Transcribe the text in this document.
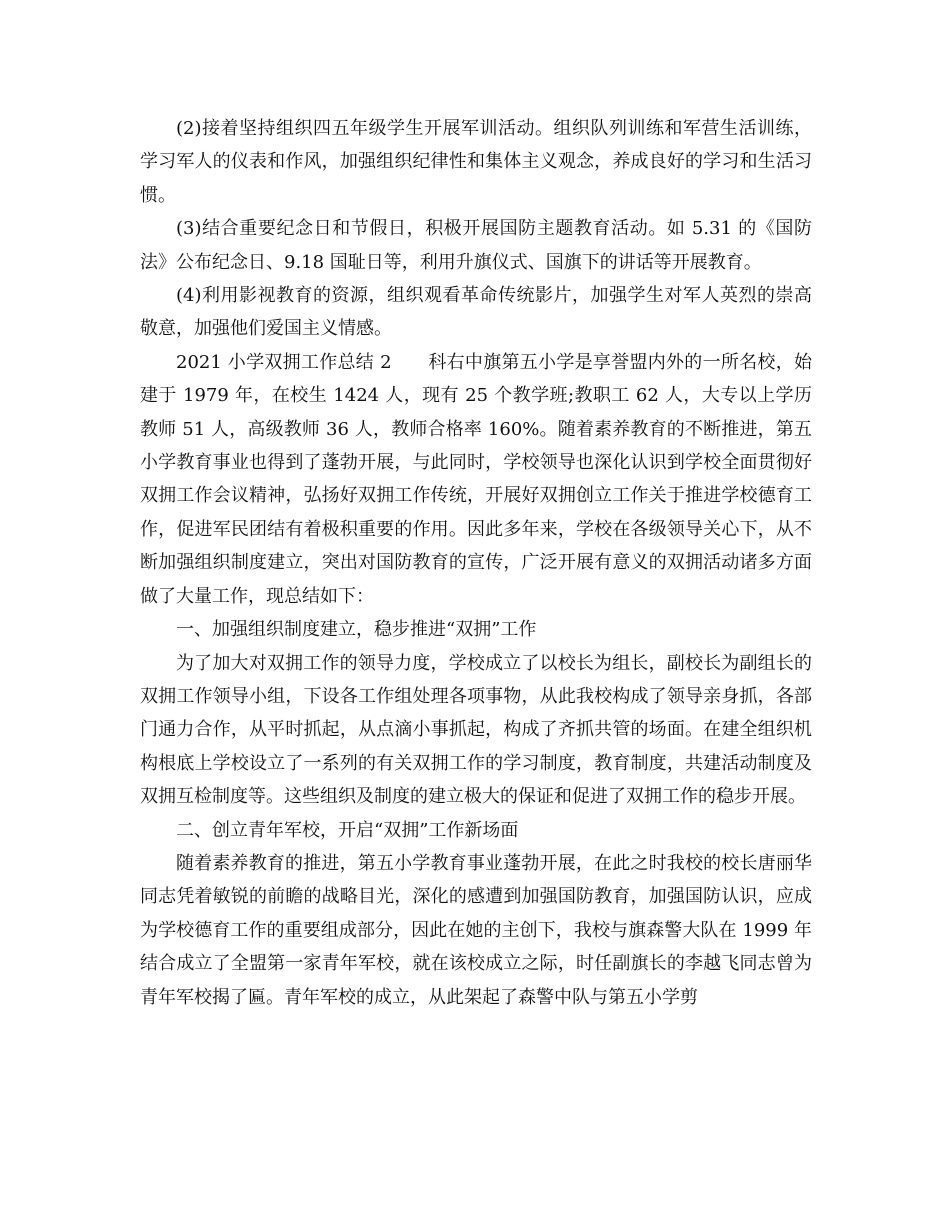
(2)接着坚持组织四五年级学生开展军训活动。组织队列训练和军营生活训练，学习军人的仪表和作风，加强组织纪律性和集体主义观念，养成良好的学习和生活习惯。

(3)结合重要纪念日和节假日，积极开展国防主题教育活动。如 5.31 的《国防法》公布纪念日、9.18 国耻日等，利用升旗仪式、国旗下的讲话等开展教育。

(4)利用影视教育的资源，组织观看革命传统影片，加强学生对军人英烈的崇高敬意，加强他们爱国主义情感。

2021 小学双拥工作总结 2　　科右中旗第五小学是享誉盟内外的一所名校，始建于 1979 年，在校生 1424 人，现有 25 个教学班;教职工 62 人，大专以上学历教师 51 人，高级教师 36 人，教师合格率 160%。随着素养教育的不断推进，第五小学教育事业也得到了蓬勃开展，与此同时，学校领导也深化认识到学校全面贯彻好双拥工作会议精神，弘扬好双拥工作传统，开展好双拥创立工作关于推进学校德育工作，促进军民团结有着极积重要的作用。因此多年来，学校在各级领导关心下，从不断加强组织制度建立，突出对国防教育的宣传，广泛开展有意义的双拥活动诸多方面做了大量工作，现总结如下：

一、加强组织制度建立，稳步推进“双拥”工作

为了加大对双拥工作的领导力度，学校成立了以校长为组长，副校长为副组长的双拥工作领导小组，下设各工作组处理各项事物，从此我校构成了领导亲身抓，各部门通力合作，从平时抓起，从点滴小事抓起，构成了齐抓共管的场面。在建全组织机构根底上学校设立了一系列的有关双拥工作的学习制度，教育制度，共建活动制度及双拥互检制度等。这些组织及制度的建立极大的保证和促进了双拥工作的稳步开展。

二、创立青年军校，开启“双拥”工作新场面

随着素养教育的推进，第五小学教育事业蓬勃开展，在此之时我校的校长唐丽华同志凭着敏锐的前瞻的战略目光，深化的感遭到加强国防教育，加强国防认识，应成为学校德育工作的重要组成部分，因此在她的主创下，我校与旗森警大队在 1999 年结合成立了全盟第一家青年军校，就在该校成立之际，时任副旗长的李越飞同志曾为青年军校揭了匾。青年军校的成立，从此架起了森警中队与第五小学剪
